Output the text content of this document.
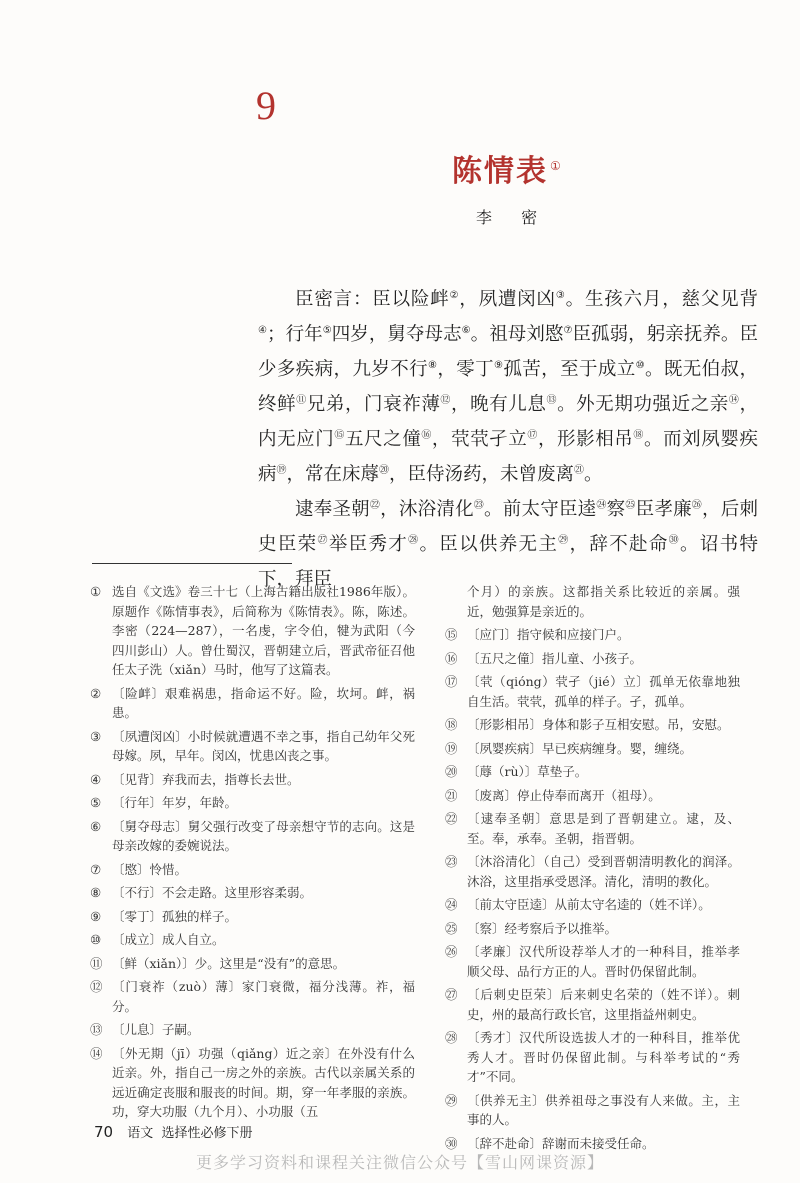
9
陈情表 ①
李 密

臣密言：臣以险衅②，夙遭闵凶③。生孩六月，慈父见背④；行年⑤四岁，舅夺母志⑥。祖母刘愍⑦臣孤弱，躬亲抚养。臣少多疾病，九岁不行⑧，零丁⑨孤苦，至于成立⑩。既无伯叔，终鲜⑪兄弟，门衰祚薄⑫，晚有儿息⑬。外无期功强近之亲⑭，内无应门⑮五尺之僮⑯，茕茕孑立⑰，形影相吊⑱。而刘夙婴疾病⑲，常在床蓐⑳，臣侍汤药，未曾废离$^㉑$。

逮奉圣朝$^㉒$，沐浴清化$^㉓$。前太守臣逵$^㉔$察$^㉕$臣孝廉$^㉖$，后刺史臣荣$^㉗$举臣秀才$^㉘$。臣以供养无主$^㉙$，辞不赴命$^㉚$。诏书特下，拜臣

① 选自《文选》卷三十七（上海古籍出版社1986年版）。原题作《陈情事表》，后简称为《陈情表》。陈，陈述。李密（224—287），一名虔，字令伯，犍为武阳（今四川彭山）人。曾仕蜀汉，晋朝建立后，晋武帝征召他任太子洗（xiǎn）马时，他写了这篇表。
② 〔险衅〕艰难祸患，指命运不好。险，坎坷。衅，祸患。
③ 〔夙遭闵凶〕小时候就遭遇不幸之事，指自己幼年父死母嫁。夙，早年。闵凶，忧患凶丧之事。
④ 〔见背〕弃我而去，指尊长去世。
⑤ 〔行年〕年岁，年龄。
⑥ 〔舅夺母志〕舅父强行改变了母亲想守节的志向。这是母亲改嫁的委婉说法。
⑦ 〔愍〕怜惜。
⑧ 〔不行〕不会走路。这里形容柔弱。
⑨ 〔零丁〕孤独的样子。
⑩ 〔成立〕成人自立。
⑪ 〔鲜（xiǎn）〕少。这里是“没有”的意思。
⑫ 〔门衰祚（zuò）薄〕家门衰微，福分浅薄。祚，福分。
⑬ 〔儿息〕子嗣。
⑭ 〔外无期（jī）功强（qiǎng）近之亲〕在外没有什么近亲。外，指自己一房之外的亲族。古代以亲属关系的远近确定丧服和服丧的时间。期，穿一年孝服的亲族。功，穿大功服（九个月）、小功服（五
个月）的亲族。这都指关系比较近的亲属。强近，勉强算是亲近的。
⑮ 〔应门〕指守候和应接门户。
⑯ 〔五尺之僮〕指儿童、小孩子。
⑰ 〔茕（qióng）茕孑（jié）立〕孤单无依靠地独自生活。茕茕，孤单的样子。孑，孤单。
⑱ 〔形影相吊〕身体和影子互相安慰。吊，安慰。
⑲ 〔夙婴疾病〕早已疾病缠身。婴，缠绕。
⑳ 〔蓐（rù）〕草垫子。
㉑ 〔废离〕停止侍奉而离开（祖母）。
㉒ 〔逮奉圣朝〕意思是到了晋朝建立。逮，及、至。奉，承奉。圣朝，指晋朝。
㉓ 〔沐浴清化〕（自己）受到晋朝清明教化的润泽。沐浴，这里指承受恩泽。清化，清明的教化。
㉔ 〔前太守臣逵〕从前太守名逵的（姓不详）。
㉕ 〔察〕经考察后予以推举。
㉖ 〔孝廉〕汉代所设荐举人才的一种科目，推举孝顺父母、品行方正的人。晋时仍保留此制。
㉗ 〔后刺史臣荣〕后来刺史名荣的（姓不详）。刺史，州的最高行政长官，这里指益州刺史。
㉘ 〔秀才〕汉代所设选拔人才的一种科目，推举优秀人才。晋时仍保留此制。与科举考试的“秀才”不同。
㉙ 〔供养无主〕供养祖母之事没有人来做。主，主事的人。
㉚ 〔辞不赴命〕辞谢而未接受任命。
70 语文 选择性必修下册
更多学习资料和课程关注微信公众号【雪山网课资源】
